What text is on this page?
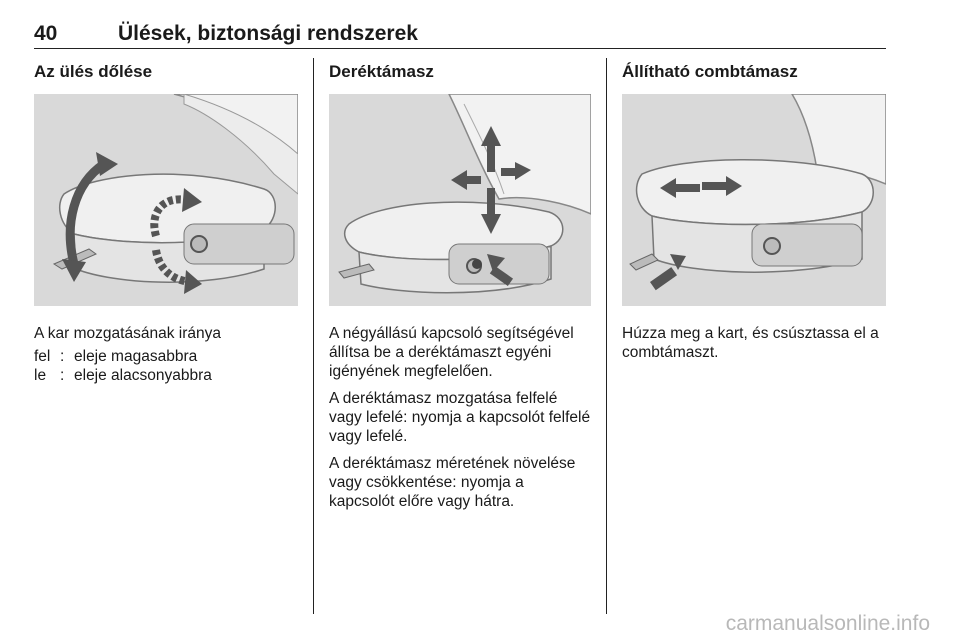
40	Ülések, biztonsági rendszerek
Az ülés dőlése

A kar mozgatásának iránya

fel : eleje magasabbra
le : eleje alacsonyabbra
Deréktámasz

A négyállású kapcsoló segítségével állítsa be a deréktámaszt egyéni igényének megfelelően.

A deréktámasz mozgatása felfelé vagy lefelé: nyomja a kapcsolót felfelé vagy lefelé.

A deréktámasz méretének növelése vagy csökkentése: nyomja a kapcsolót előre vagy hátra.

Állítható combtámasz

Húzza meg a kart, és csúsztassa el a combtámaszt.

carmanualsonline.info
